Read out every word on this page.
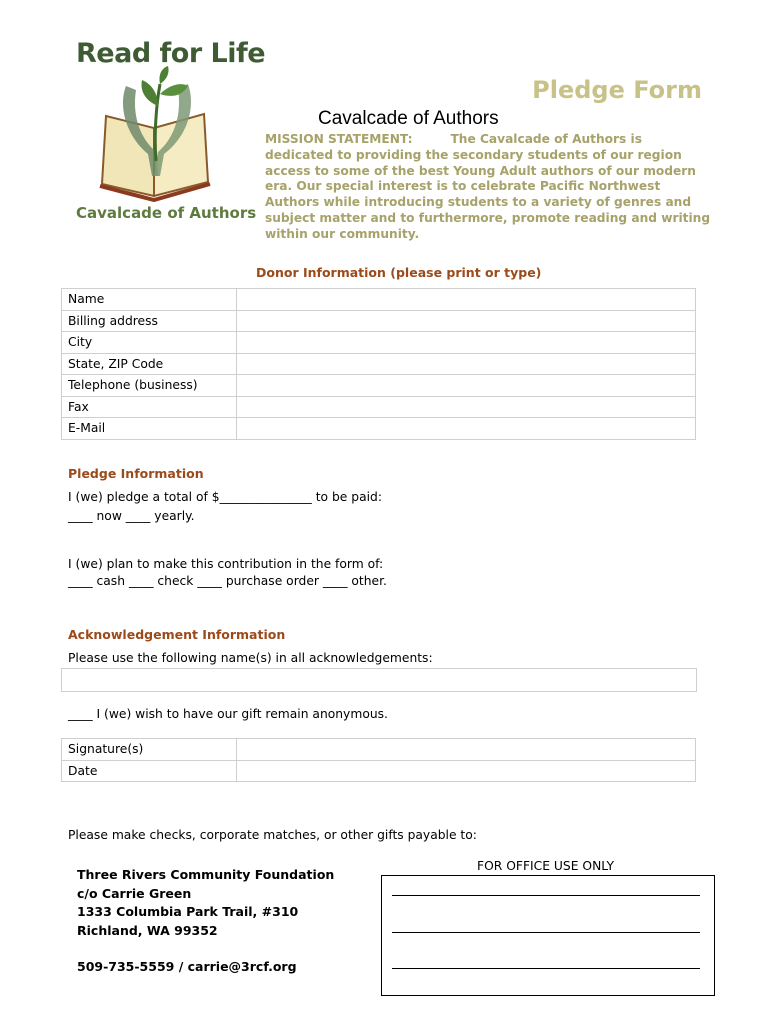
Read for Life
Cavalcade of Authors
Pledge Form
Cavalcade of Authors
MISSION STATEMENT:	The Cavalcade of Authors is dedicated to providing the secondary students of our region access to some of the best Young Adult authors of our modern era. Our special interest is to celebrate Pacific Northwest Authors while introducing students to a variety of genres and subject matter and to furthermore, promote reading and writing within our community.
Donor Information (please print or type)
Name	
Billing address	
City	
State, ZIP Code	
Telephone (business)	
Fax	
E-Mail	
Pledge Information
I (we) pledge a total of $_______________ to be paid:
____ now ____ yearly.
I (we) plan to make this contribution in the form of:
____ cash ____ check ____ purchase order ____ other.
Acknowledgement Information
Please use the following name(s) in all acknowledgements:
____ I (we) wish to have our gift remain anonymous.
Signature(s)	
Date	
Please make checks, corporate matches, or other gifts payable to:
Three Rivers Community Foundation
c/o Carrie Green
1333 Columbia Park Trail, #310
Richland, WA 99352
509-735-5559 / carrie@3rcf.org
FOR OFFICE USE ONLY
